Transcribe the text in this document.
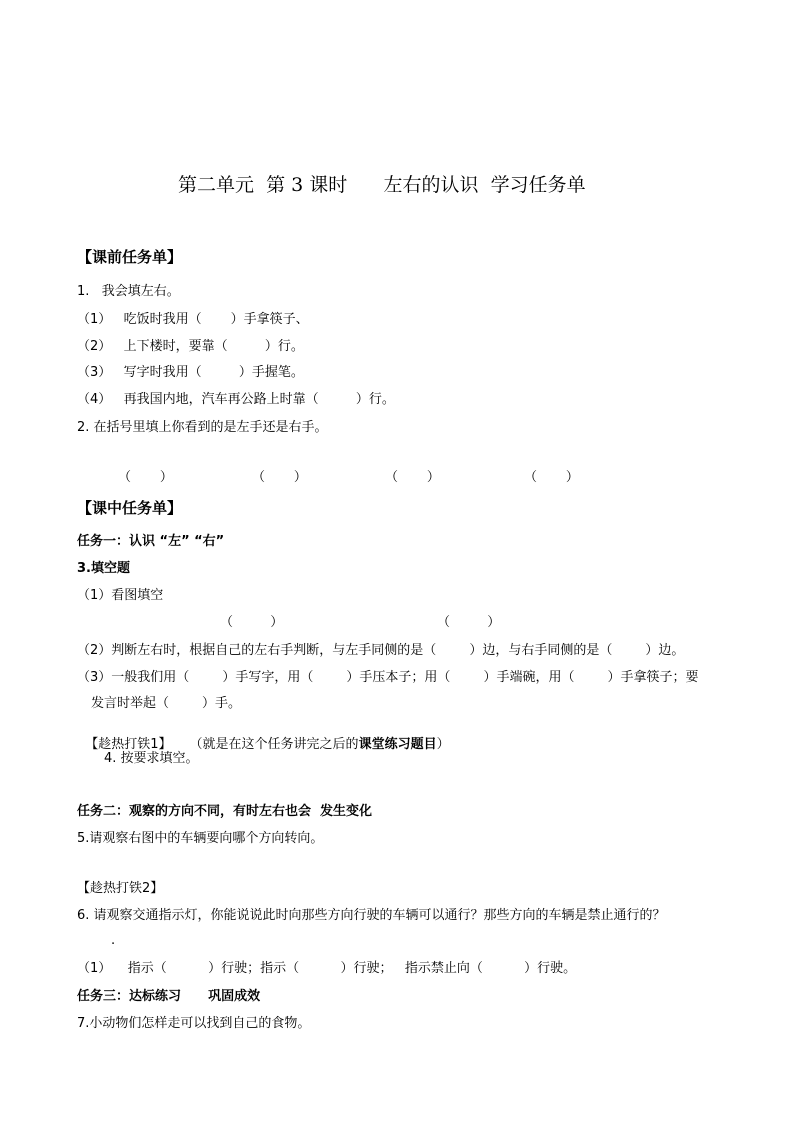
第二单元  第 3 课时      左右的认识  学习任务单
【课前任务单】
1.   我会填左右。
（1）   吃饭时我用（       ）手拿筷子、
（2）   上下楼时，要靠（         ）行。
（3）   写字时我用（         ）手握笔。
（4）   再我国内地，汽车再公路上时靠（         ）行。
2. 在括号里填上你看到的是左手还是右手。
（       ）	（       ）	（       ）	（       ）
【课中任务单】
任务一：认识 “左” “右”
3.填空题
（1）看图填空
（         ）	（         ）
（2）判断左右时，根据自己的左右手判断，与左手同侧的是（        ）边，与右手同侧的是（        ）边。
（3）一般我们用（        ）手写字，用（        ）手压本子；用（        ）手端碗，用（        ）手拿筷子；要
发言时举起（        ）手。

【趁热打铁1】 （就是在这个任务讲完之后的课堂练习题目）

4. 按要求填空。
任务二：观察的方向不同，有时左右也会  发生变化
5.请观察右图中的车辆要向哪个方向转向。
【趁热打铁2】
6. 请观察交通指示灯，你能说说此时向那些方向行驶的车辆可以通行？那些方向的车辆是禁止通行的？
.
（1）    指示（          ）行驶；指示（          ）行驶；   指示禁止向（          ）行驶。
任务三：达标练习      巩固成效
7.小动物们怎样走可以找到自己的食物。
